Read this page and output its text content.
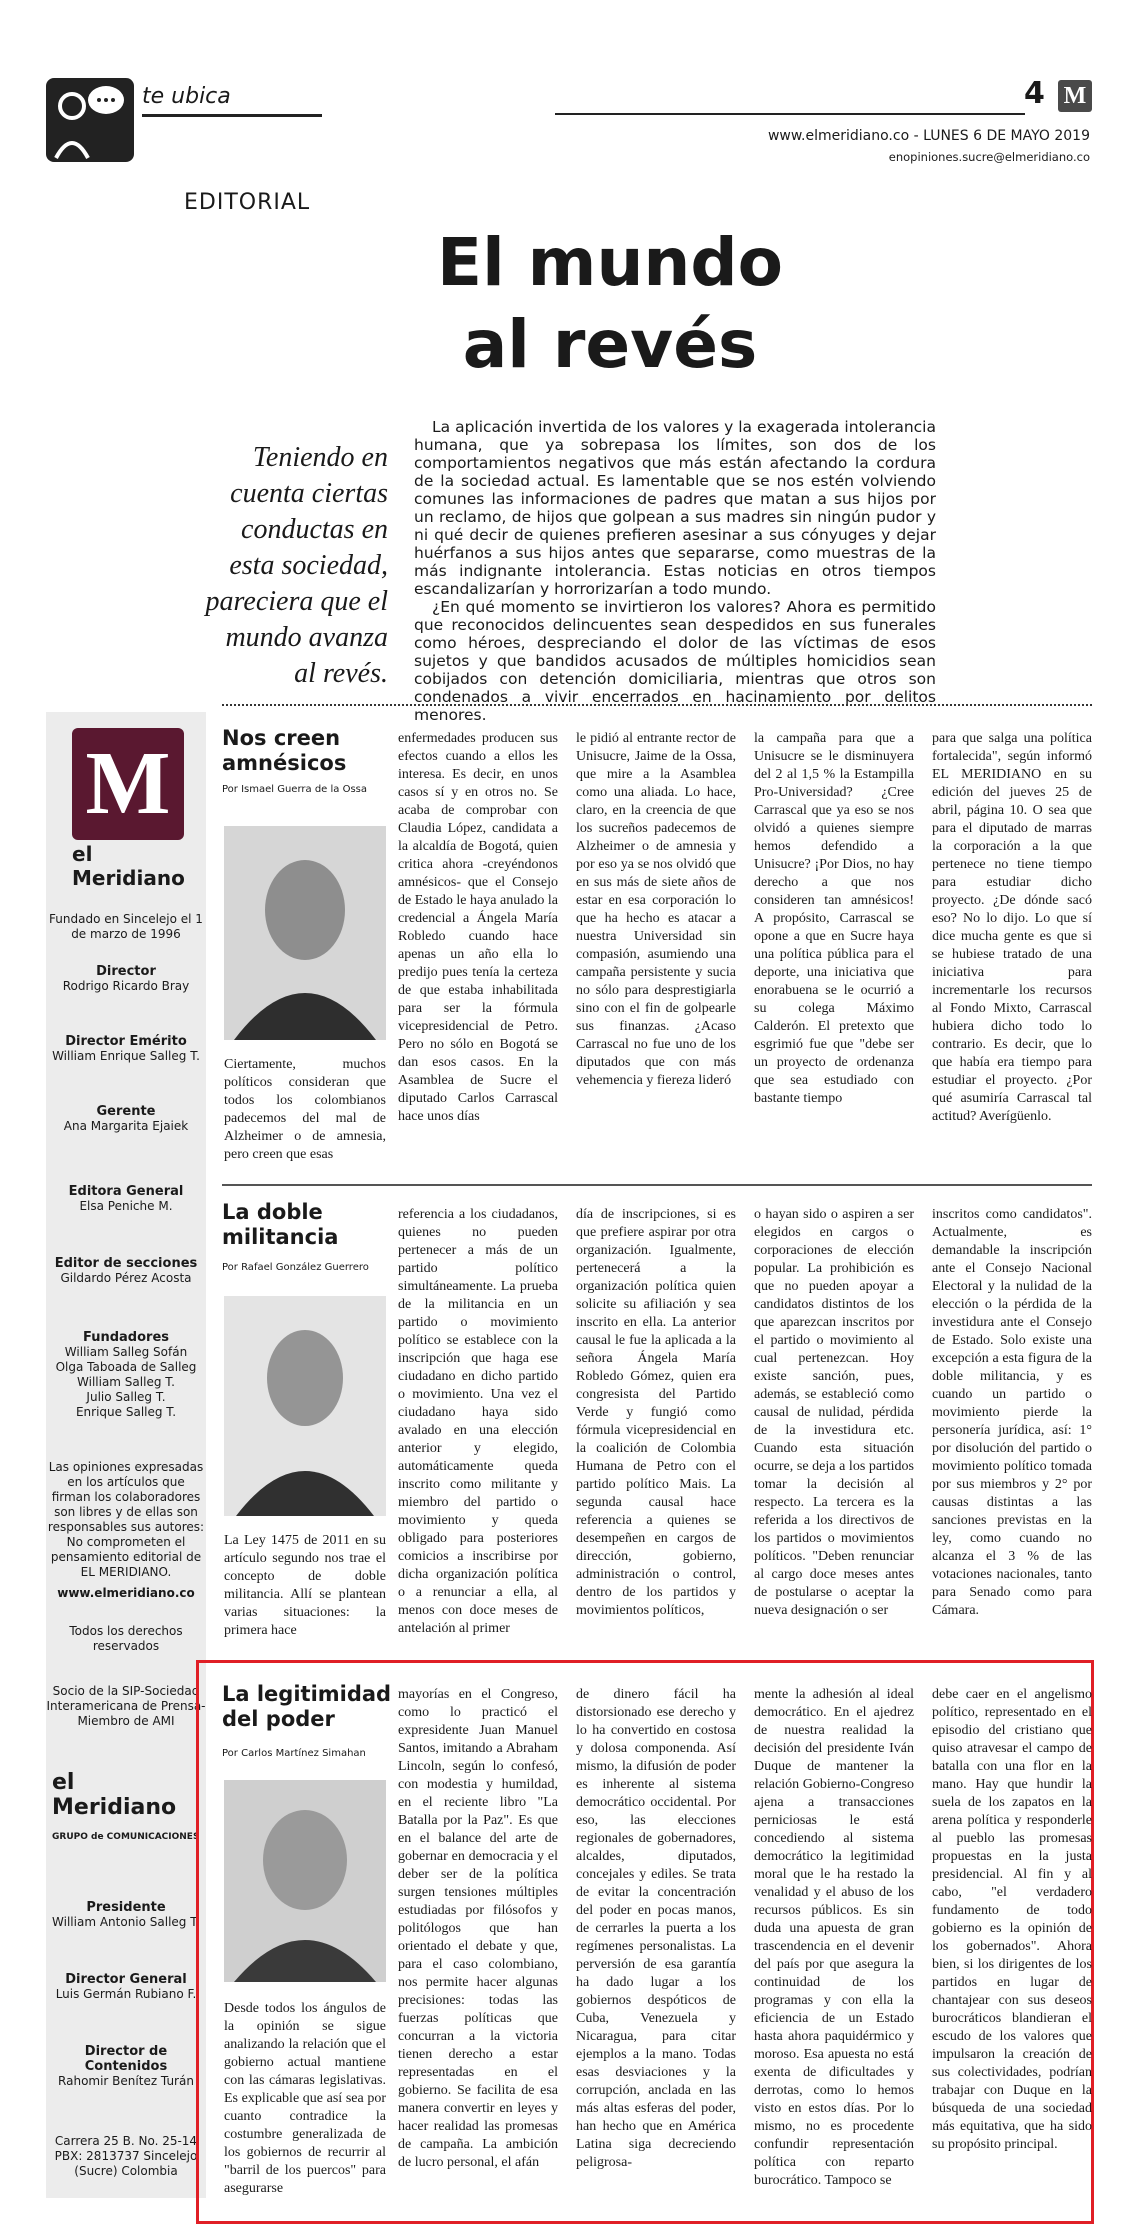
te ubica	4 M
www.elmeridiano.co - LUNES 6 DE MAYO 2019
enopiniones.sucre@elmeridiano.co
EDITORIAL
El mundo
al revés
Teniendo en cuenta ciertas conductas en esta sociedad, pareciera que el mundo avanza al revés.

La aplicación invertida de los valores y la exagerada intolerancia humana, que ya sobrepasa los límites, son dos de los comportamientos negativos que más están afectando la cordura de la sociedad actual. Es lamentable que se nos estén volviendo comunes las informaciones de padres que matan a sus hijos por un reclamo, de hijos que golpean a sus madres sin ningún pudor y ni qué decir de quienes prefieren asesinar a sus cónyuges y dejar huérfanos a sus hijos antes que separarse, como muestras de la más indignante intolerancia. Estas noticias en otros tiempos escandalizarían y horrorizarían a todo mundo.

¿En qué momento se invirtieron los valores? Ahora es permitido que reconocidos delincuentes sean despedidos en sus funerales como héroes, despreciando el dolor de las víctimas de esos sujetos y que bandidos acusados de múltiples homicidios sean cobijados con detención domiciliaria, mientras que otros son condenados a vivir encerrados en hacinamiento por delitos menores.

M
el Meridiano
Fundado en Sincelejo el 1 de marzo de 1996
Director
Rodrigo Ricardo Bray
Director Emérito
William Enrique Salleg T.
Gerente
Ana Margarita Ejaiek
Editora General
Elsa Peniche M.
Editor de secciones
Gildardo Pérez Acosta
Fundadores
William Salleg Sofán
Olga Taboada de Salleg
William Salleg T.
Julio Salleg T.
Enrique Salleg T.
Las opiniones expresadas en los artículos que firman los colaboradores son libres y de ellas son responsables sus autores: No comprometen el pensamiento editorial de EL MERIDIANO.
www.elmeridiano.co
Todos los derechos reservados
Socio de la SIP-Sociedad Interamericana de Prensa-Miembro de AMI
el Meridiano
GRUPO de COMUNICACIONES
Presidente
William Antonio Salleg T.
Director General
Luis Germán Rubiano F.
Director de Contenidos
Rahomir Benítez Turán
Carrera 25 B. No. 25-14 PBX: 2813737 Sincelejo (Sucre) Colombia
Nos creen amnésicos
Por Ismael Guerra de la Ossa
Ciertamente, muchos políticos consideran que todos los colombianos padecemos del mal de Alzheimer o de amnesia, pero creen que esas
enfermedades producen sus efectos cuando a ellos les interesa. Es decir, en unos casos sí y en otros no. Se acaba de comprobar con Claudia López, candidata a la alcaldía de Bogotá, quien critica ahora -creyéndonos amnésicos- que el Consejo de Estado le haya anulado la credencial a Ángela María Robledo cuando hace apenas un año ella lo predijo pues tenía la certeza de que estaba inhabilitada para ser la fórmula vicepresidencial de Petro. Pero no sólo en Bogotá se dan esos casos. En la Asamblea de Sucre el diputado Carlos Carrascal hace unos días
le pidió al entrante rector de Unisucre, Jaime de la Ossa, que mire a la Asamblea como una aliada. Lo hace, claro, en la creencia de que los sucreños padecemos de Alzheimer o de amnesia y por eso ya se nos olvidó que en sus más de siete años de estar en esa corporación lo que ha hecho es atacar a nuestra Universidad sin compasión, asumiendo una campaña persistente y sucia no sólo para desprestigiarla sino con el fin de golpearle sus finanzas. ¿Acaso Carrascal no fue uno de los diputados que con más vehemencia y fiereza lideró
la campaña para que a Unisucre se le disminuyera del 2 al 1,5 % la Estampilla Pro-Universidad? ¿Cree Carrascal que ya eso se nos olvidó a quienes siempre hemos defendido a Unisucre? ¡Por Dios, no hay derecho a que nos consideren tan amnésicos! A propósito, Carrascal se opone a que en Sucre haya una política pública para el deporte, una iniciativa que enorabuena se le ocurrió a su colega Máximo Calderón. El pretexto que esgrimió fue que "debe ser un proyecto de ordenanza que sea estudiado con bastante tiempo
para que salga una política fortalecida", según informó EL MERIDIANO en su edición del jueves 25 de abril, página 10. O sea que para el diputado de marras la corporación a la que pertenece no tiene tiempo para estudiar dicho proyecto. ¿De dónde sacó eso? No lo dijo. Lo que sí dice mucha gente es que si se hubiese tratado de una iniciativa para incrementarle los recursos al Fondo Mixto, Carrascal hubiera dicho todo lo contrario. Es decir, que lo que había era tiempo para estudiar el proyecto. ¿Por qué asumiría Carrascal tal actitud? Averígüenlo.
La doble militancia
Por Rafael González Guerrero
La Ley 1475 de 2011 en su artículo segundo nos trae el concepto de doble militancia. Allí se plantean varias situaciones: la primera hace
referencia a los ciudadanos, quienes no pueden pertenecer a más de un partido político simultáneamente. La prueba de la militancia en un partido o movimiento político se establece con la inscripción que haga ese ciudadano en dicho partido o movimiento. Una vez el ciudadano haya sido avalado en una elección anterior y elegido, automáticamente queda inscrito como militante y miembro del partido o movimiento y queda obligado para posteriores comicios a inscribirse por dicha organización política o a renunciar a ella, al menos con doce meses de antelación al primer
día de inscripciones, si es que prefiere aspirar por otra organización. Igualmente, pertenecerá a la organización política quien solicite su afiliación y sea inscrito en ella. La anterior causal le fue la aplicada a la señora Ángela María Robledo Gómez, quien era congresista del Partido Verde y fungió como fórmula vicepresidencial en la coalición de Colombia Humana de Petro con el partido político Mais. La segunda causal hace referencia a quienes se desempeñen en cargos de dirección, gobierno, administración o control, dentro de los partidos y movimientos políticos,
o hayan sido o aspiren a ser elegidos en cargos o corporaciones de elección popular. La prohibición es que no pueden apoyar a candidatos distintos de los que aparezcan inscritos por el partido o movimiento al cual pertenezcan. Hoy existe sanción, pues, además, se estableció como causal de nulidad, pérdida de la investidura etc. Cuando esta situación ocurre, se deja a los partidos tomar la decisión al respecto. La tercera es la referida a los directivos de los partidos o movimientos políticos. "Deben renunciar al cargo doce meses antes de postularse o aceptar la nueva designación o ser
inscritos como candidatos". Actualmente, es demandable la inscripción ante el Consejo Nacional Electoral y la nulidad de la elección o la pérdida de la investidura ante el Consejo de Estado. Solo existe una excepción a esta figura de la doble militancia, y es cuando un partido o movimiento pierde la personería jurídica, así: 1° por disolución del partido o movimiento político tomada por sus miembros y 2° por causas distintas a las sanciones previstas en la ley, como cuando no alcanza el 3 % de las votaciones nacionales, tanto para Senado como para Cámara.
La legitimidad del poder
Por Carlos Martínez Simahan
Desde todos los ángulos de la opinión se sigue analizando la relación que el gobierno actual mantiene con las cámaras legislativas. Es explicable que así sea por cuanto contradice la costumbre generalizada de los gobiernos de recurrir al "barril de los puercos" para asegurarse
mayorías en el Congreso, como lo practicó el expresidente Juan Manuel Santos, imitando a Abraham Lincoln, según lo confesó, con modestia y humildad, en el reciente libro "La Batalla por la Paz". Es que en el balance del arte de gobernar en democracia y el deber ser de la política surgen tensiones múltiples estudiadas por filósofos y politólogos que han orientado el debate y que, para el caso colombiano, nos permite hacer algunas precisiones: todas las fuerzas políticas que concurran a la victoria tienen derecho a estar representadas en el gobierno. Se facilita de esa manera convertir en leyes y hacer realidad las promesas de campaña. La ambición de lucro personal, el afán
de dinero fácil ha distorsionado ese derecho y lo ha convertido en costosa y dolosa componenda. Así mismo, la difusión de poder es inherente al sistema democrático occidental. Por eso, las elecciones regionales de gobernadores, alcaldes, diputados, concejales y ediles. Se trata de evitar la concentración del poder en pocas manos, de cerrarles la puerta a los regímenes personalistas. La perversión de esa garantía ha dado lugar a los gobiernos despóticos de Cuba, Venezuela y Nicaragua, para citar ejemplos a la mano. Todas esas desviaciones y la corrupción, anclada en las más altas esferas del poder, han hecho que en América Latina siga decreciendo peligrosa-
mente la adhesión al ideal democrático. En el ajedrez de nuestra realidad la decisión del presidente Iván Duque de mantener la relación Gobierno-Congreso ajena a transacciones perniciosas le está concediendo al sistema democrático la legitimidad moral que le ha restado la venalidad y el abuso de los recursos públicos. Es sin duda una apuesta de gran trascendencia en el devenir del país por que asegura la continuidad de los programas y con ella la eficiencia de un Estado hasta ahora paquidérmico y moroso. Esa apuesta no está exenta de dificultades y derrotas, como lo hemos visto en estos días. Por lo mismo, no es procedente confundir representación política con reparto burocrático. Tampoco se
debe caer en el angelismo político, representado en el episodio del cristiano que quiso atravesar el campo de batalla con una flor en la mano. Hay que hundir la suela de los zapatos en la arena política y responderle al pueblo las promesas propuestas en la justa presidencial. Al fin y al cabo, "el verdadero fundamento de todo gobierno es la opinión de los gobernados". Ahora bien, si los dirigentes de los partidos en lugar de chantajear con sus deseos burocráticos blandieran el escudo de los valores que impulsaron la creación de sus colectividades, podrían trabajar con Duque en la búsqueda de una sociedad más equitativa, que ha sido su propósito principal.
